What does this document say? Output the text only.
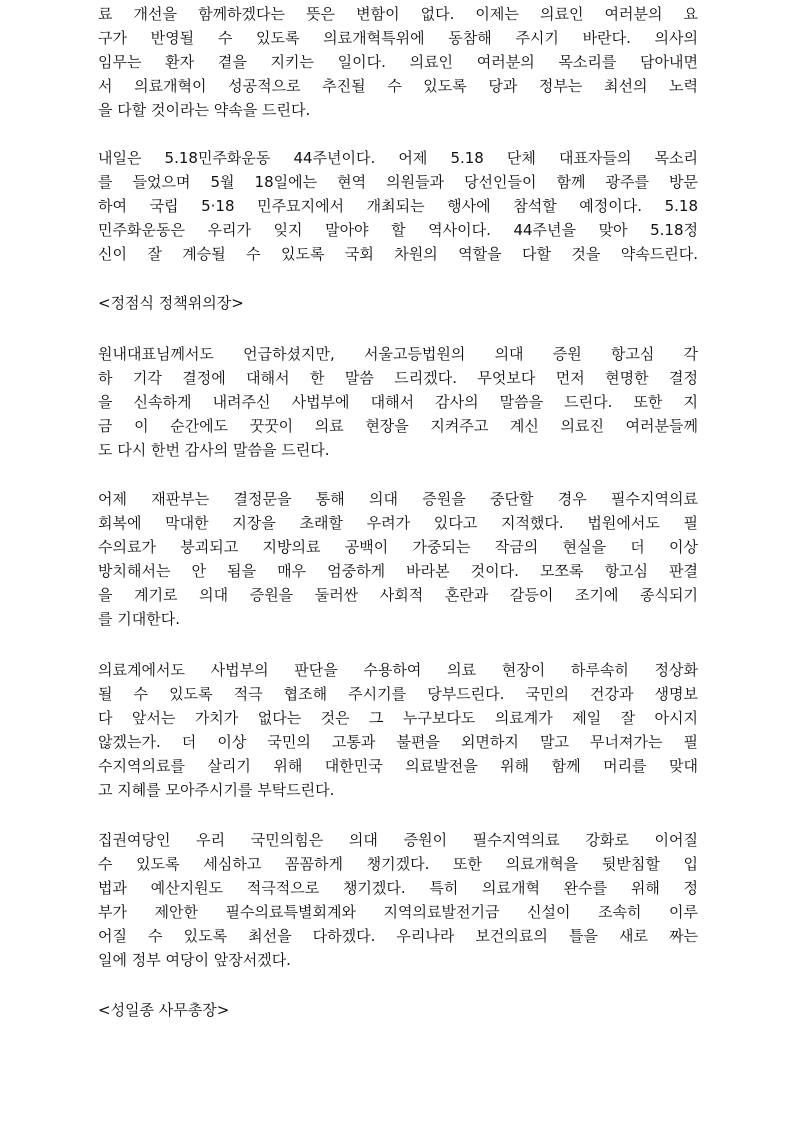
료 개선을 함께하겠다는 뜻은 변함이 없다. 이제는 의료인 여러분의 요
구가 반영될 수 있도록 의료개혁특위에 동참해 주시기 바란다. 의사의
임무는 환자 곁을 지키는 일이다. 의료인 여러분의 목소리를 담아내면
서 의료개혁이 성공적으로 추진될 수 있도록 당과 정부는 최선의 노력
을 다할 것이라는 약속을 드린다.
내일은 5.18민주화운동 44주년이다. 어제 5.18 단체 대표자들의 목소리
를 들었으며 5월 18일에는 현역 의원들과 당선인들이 함께 광주를 방문
하여 국립 5·18 민주묘지에서 개최되는 행사에 참석할 예정이다. 5.18
민주화운동은 우리가 잊지 말아야 할 역사이다. 44주년을 맞아 5.18정
신이 잘 계승될 수 있도록 국회 차원의 역할을 다할 것을 약속드린다.
<정점식 정책위의장>
원내대표님께서도 언급하셨지만, 서울고등법원의 의대 증원 항고심 각
하 기각 결정에 대해서 한 말씀 드리겠다. 무엇보다 먼저 현명한 결정
을 신속하게 내려주신 사법부에 대해서 감사의 말씀을 드린다. 또한 지
금 이 순간에도 꿋꿋이 의료 현장을 지켜주고 계신 의료진 여러분들께
도 다시 한번 감사의 말씀을 드린다.
어제 재판부는 결정문을 통해 의대 증원을 중단할 경우 필수지역의료
회복에 막대한 지장을 초래할 우려가 있다고 지적했다. 법원에서도 필
수의료가 붕괴되고 지방의료 공백이 가중되는 작금의 현실을 더 이상
방치해서는 안 됨을 매우 엄중하게 바라본 것이다. 모쪼록 항고심 판결
을 계기로 의대 증원을 둘러싼 사회적 혼란과 갈등이 조기에 종식되기
를 기대한다.
의료계에서도 사법부의 판단을 수용하여 의료 현장이 하루속히 정상화
될 수 있도록 적극 협조해 주시기를 당부드린다. 국민의 건강과 생명보
다 앞서는 가치가 없다는 것은 그 누구보다도 의료계가 제일 잘 아시지
않겠는가. 더 이상 국민의 고통과 불편을 외면하지 말고 무너져가는 필
수지역의료를 살리기 위해 대한민국 의료발전을 위해 함께 머리를 맞대
고 지혜를 모아주시기를 부탁드린다.
집권여당인 우리 국민의힘은 의대 증원이 필수지역의료 강화로 이어질
수 있도록 세심하고 꼼꼼하게 챙기겠다. 또한 의료개혁을 뒷받침할 입
법과 예산지원도 적극적으로 챙기겠다. 특히 의료개혁 완수를 위해 정
부가 제안한 필수의료특별회계와 지역의료발전기금 신설이 조속히 이루
어질 수 있도록 최선을 다하겠다. 우리나라 보건의료의 틀을 새로 짜는
일에 정부 여당이 앞장서겠다.
<성일종 사무총장>
